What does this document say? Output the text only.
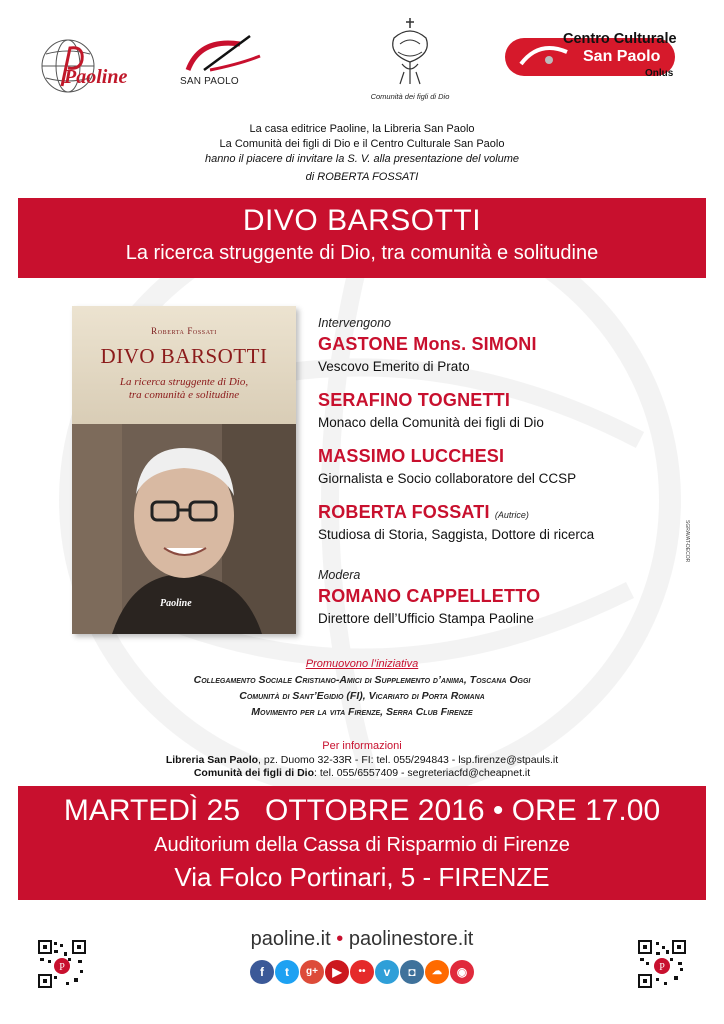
Paoline	SAN PAOLO
Comunità dei figli di Dio
Centro Culturale
San Paolo
Onlus
La casa editrice Paoline, la Libreria San Paolo
La Comunità dei figli di Dio e il Centro Culturale San Paolo
hanno il piacere di invitare la S. V. alla presentazione del volume
di ROBERTA FOSSATI
DIVO BARSOTTI
La ricerca struggente di Dio, tra comunità e solitudine
Roberta Fossati
DIVO BARSOTTI
La ricerca struggente di Dio,
tra comunità e solitudine
Paoline
Intervengono
GASTONE Mons. SIMONI
Vescovo Emerito di Prato
SERAFINO TOGNETTI
Monaco della Comunità dei figli di Dio
MASSIMO LUCCHESI
Giornalista e Socio collaboratore del CCSP
ROBERTA FOSSATI (Autrice)
Studiosa di Storia, Saggista, Dottore di ricerca
Modera
ROMANO CAPPELLETTO
Direttore dell’Ufficio Stampa Paoline
SGRAVAT-DECOR
Promuovono l’iniziativa
Collegamento Sociale Cristiano-Amici di Supplemento d’anima, Toscana Oggi
Comunità di Sant’Egidio (FI), Vicariato di Porta Romana
Movimento per la vita Firenze, Serra Club Firenze
Per informazioni
Libreria San Paolo, pz. Duomo 32-33R - FI: tel. 055/294843 - lsp.firenze@stpauls.it
Comunità dei figli di Dio: tel. 055/6557409 - segreteriacfd@cheapnet.it
MARTEDÌ 25   OTTOBRE 2016 • ORE 17.00
Auditorium della Cassa di Risparmio di Firenze
Via Folco Portinari, 5 - FIRENZE
P	P
paoline.it • paolinestore.it
f	t	g+	▶	••	v	◘	☁	◉
